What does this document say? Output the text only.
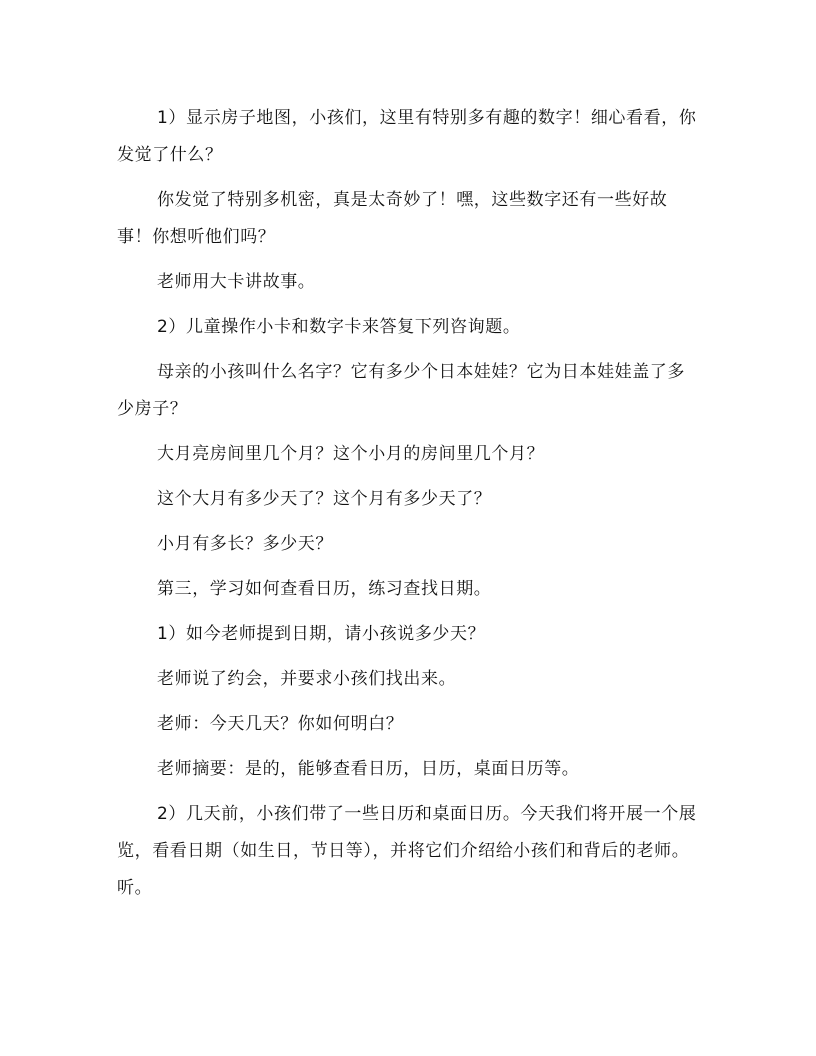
1）显示房子地图，小孩们，这里有特别多有趣的数字！细心看看，你发觉了什么？

你发觉了特别多机密，真是太奇妙了！嘿，这些数字还有一些好故事！你想听他们吗？

老师用大卡讲故事。

2）儿童操作小卡和数字卡来答复下列咨询题。

母亲的小孩叫什么名字？它有多少个日本娃娃？它为日本娃娃盖了多少房子？

大月亮房间里几个月？这个小月的房间里几个月？

这个大月有多少天了？这个月有多少天了？

小月有多长？多少天？

第三，学习如何查看日历，练习查找日期。

1）如今老师提到日期，请小孩说多少天？

老师说了约会，并要求小孩们找出来。

老师：今天几天？你如何明白？

老师摘要：是的，能够查看日历，日历，桌面日历等。

2）几天前，小孩们带了一些日历和桌面日历。今天我们将开展一个展览，看看日期（如生日，节日等），并将它们介绍给小孩们和背后的老师。听。
